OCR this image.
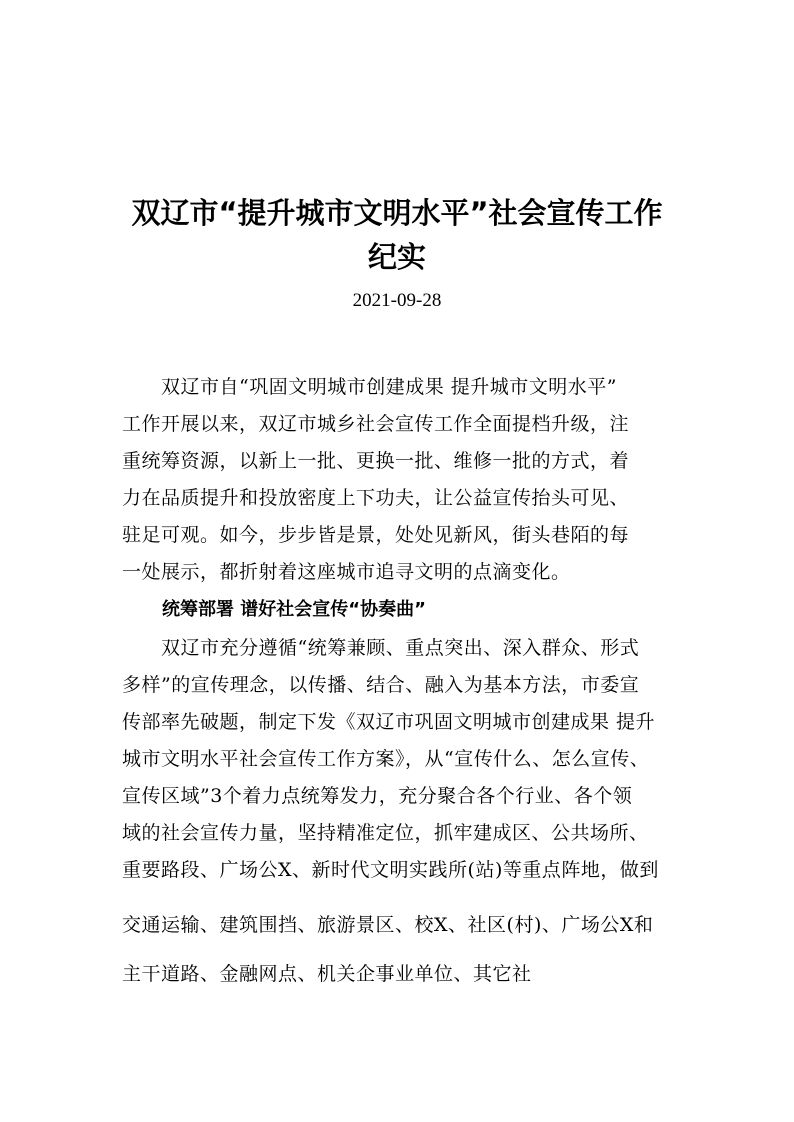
双辽市“提升城市文明水平”社会宣传工作
纪实
2021-09-28
　　双辽市自“巩固文明城市创建成果 提升城市文明水平”
工作开展以来，双辽市城乡社会宣传工作全面提档升级，注
重统筹资源，以新上一批、更换一批、维修一批的方式，着
力在品质提升和投放密度上下功夫，让公益宣传抬头可见、
驻足可观。如今，步步皆是景，处处见新风，街头巷陌的每
一处展示，都折射着这座城市追寻文明的点滴变化。
统筹部署 谱好社会宣传“协奏曲”
　　双辽市充分遵循“统筹兼顾、重点突出、深入群众、形式
多样”的宣传理念，以传播、结合、融入为基本方法，市委宣
传部率先破题，制定下发《双辽市巩固文明城市创建成果 提升
城市文明水平社会宣传工作方案》，从“宣传什么、怎么宣传、
宣传区域”3个着力点统筹发力，充分聚合各个行业、各个领
域的社会宣传力量，坚持精准定位，抓牢建成区、公共场所、
重要路段、广场公X、新时代文明实践所(站)等重点阵地，做到
交通运输、建筑围挡、旅游景区、校X、社区(村)、广场公X和
主干道路、金融网点、机关企事业单位、其它社
